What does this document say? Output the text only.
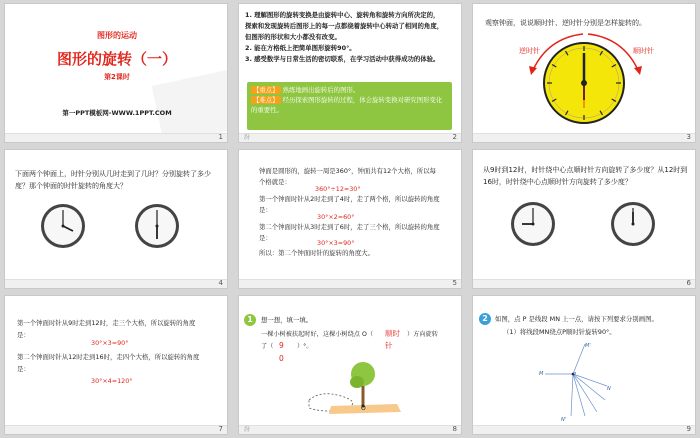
图形的运动
图形的旋转（一）
第2课时
第一PPT模板网-WWW.1PPT.COM
1
1. 理解图形的旋转变换是由旋转中心、旋转角和旋转方向所决定的，
探索和发现旋转后图形上的每一点都绕着旋转中心转动了相同的角度，
但图形的形状和大小都没有改变。
2. 能在方格纸上把简单图形旋转90°。
3. 感受数学与日常生活的密切联系，在学习活动中获得成功的体验。
【重点】 熟练地画出旋转后的图形。
【难点】 经历探索图形旋转的过程，体会旋转变换对研究图形变化的重要性。
汾	2
观察钟面，说说顺时针、逆时针分别是怎样旋转的。
逆时针	顺时针
3
下面两个钟面上，时针分别从几时走到了几时？分别旋转了多少度？那个钟面的时针旋转的角度大？
4
钟面是圆形的，旋转一周是360°，钟面共有12个大格，所以每
个格就是：
360°÷12=30°
第一个钟面时针从2时走到了4时，走了两个格，所以旋转的角度
是：
30°×2=60°
第二个钟面时针从3时走到了6时，走了三个格，所以旋转的角度
是：
30°×3=90°
所以：第二个钟面时针的旋转的角度大。
5
从9时到12时，时针绕中心点顺时针方向旋转了多少度？从12时到16时，时针绕中心点顺时针方向旋转了多少度？
6
第一个钟面时针从9时走到12时，走三个大格，所以旋转的角度
是：
30°×3=90°
第二个钟面时针从12时走到16时，走四个大格，所以旋转的角度
是：
30°×4=120°
7
1	想一想，填一填。
一棵小树被扶起时好，这棵小树绕点 O（ 顺时 ）方向旋转
针
了（ 9 ）°。
0
O
汾	8
2	如图，点 P 是线段 MN 上一点，请按下列要求分别画图。
（1）将线段MN绕点P顺时针旋转90°。
M
M'
P
N
N'
9
